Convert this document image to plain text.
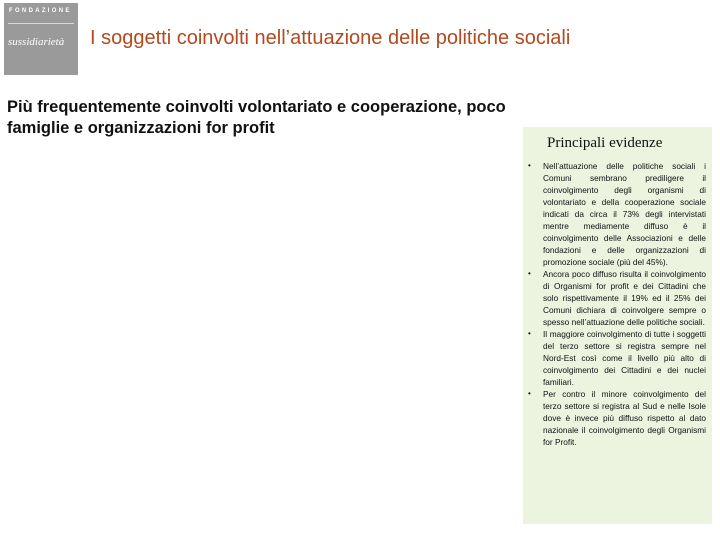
FONDAZIONE
sussidiarietà I soggetti coinvolti nell’attuazione delle politiche sociali
Più frequentemente coinvolti volontariato e cooperazione, poco famiglie e organizzazioni for profit
Principali evidenze
• Nell’attuazione delle politiche sociali i Comuni sembrano prediligere il coinvolgimento degli organismi di volontariato e della cooperazione sociale indicati da circa il 73% degli intervistati mentre mediamente diffuso è il coinvolgimento delle Associazioni e delle fondazioni e delle organizzazioni di promozione sociale (più del 45%).
• Ancora poco diffuso risulta il coinvolgimento di Organismi for profit e dei Cittadini che solo rispettivamente il 19% ed il 25% dei Comuni dichiara di coinvolgere sempre o spesso nell’attuazione delle politiche sociali.
• Il maggiore coinvolgimento di tutte i soggetti del terzo settore si registra sempre nel Nord-Est così come il livello più alto di coinvolgimento dei Cittadini e dei nuclei familiari.
• Per contro il minore coinvolgimento del terzo settore si registra al Sud e nelle Isole dove è invece più diffuso rispetto al dato nazionale il coinvolgimento degli Organismi for Profit.
